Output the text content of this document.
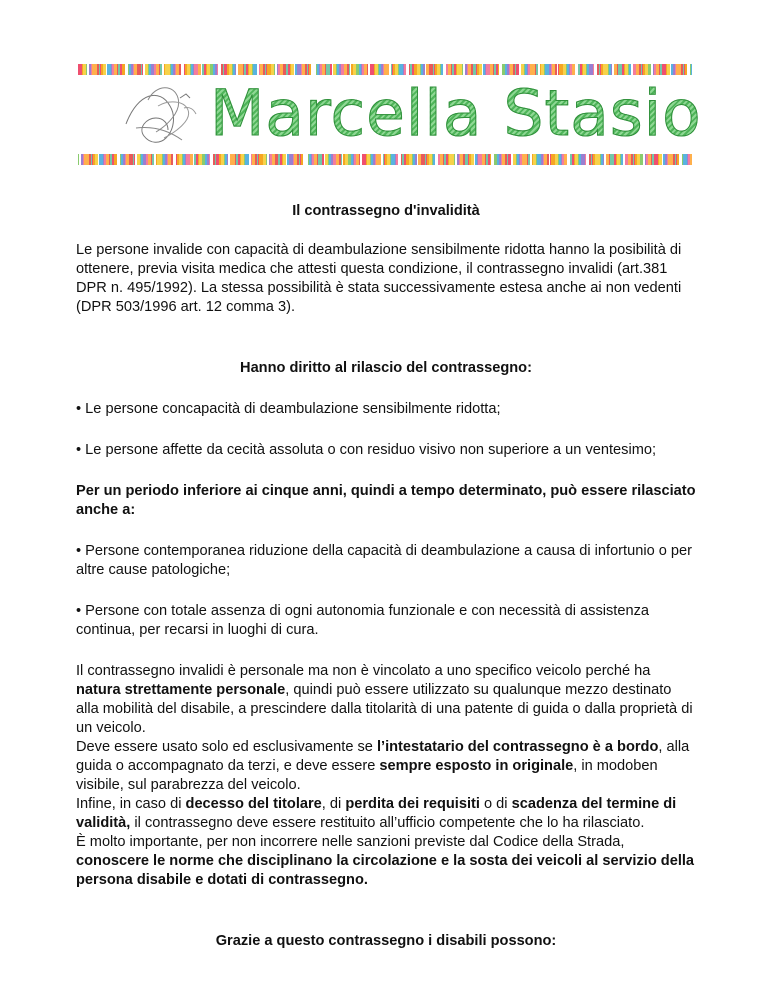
Marcella Stasio

Il contrassegno d'invalidità

Le persone invalide con capacità di deambulazione sensibilmente ridotta hanno la posibilità di ottenere, previa visita medica che attesti questa condizione, il contrassegno invalidi (art.381 DPR n. 495/1992). La stessa possibilità è stata successivamente estesa anche ai non vedenti (DPR 503/1996 art. 12 comma 3).

Hanno diritto al rilascio del contrassegno:

• Le persone concapacità di deambulazione sensibilmente ridotta;

• Le persone affette da cecità assoluta o con residuo visivo non superiore a un ventesimo;

Per un periodo inferiore ai cinque anni, quindi a tempo determinato, può essere rilasciato anche a:

• Persone contemporanea riduzione della capacità di deambulazione a causa di infortunio o per altre cause patologiche;

• Persone con totale assenza di ogni autonomia funzionale e con necessità di assistenza continua, per recarsi in luoghi di cura.

Il contrassegno invalidi è personale ma non è vincolato a uno specifico veicolo perché ha natura strettamente personale, quindi può essere utilizzato su qualunque mezzo destinato alla mobilità del disabile, a prescindere dalla titolarità di una patente di guida o dalla proprietà di un veicolo.
Deve essere usato solo ed esclusivamente se l’intestatario del contrassegno è a bordo, alla guida o accompagnato da terzi, e deve essere sempre esposto in originale, in modoben visibile, sul parabrezza del veicolo.
Infine, in caso di decesso del titolare, di perdita dei requisiti o di scadenza del termine di validità, il contrassegno deve essere restituito all’ufficio competente che lo ha rilasciato.
È molto importante, per non incorrere nelle sanzioni previste dal Codice della Strada, conoscere le norme che disciplinano la circolazione e la sosta dei veicoli al servizio della persona disabile e dotati di contrassegno.

Grazie a questo contrassegno i disabili possono:
